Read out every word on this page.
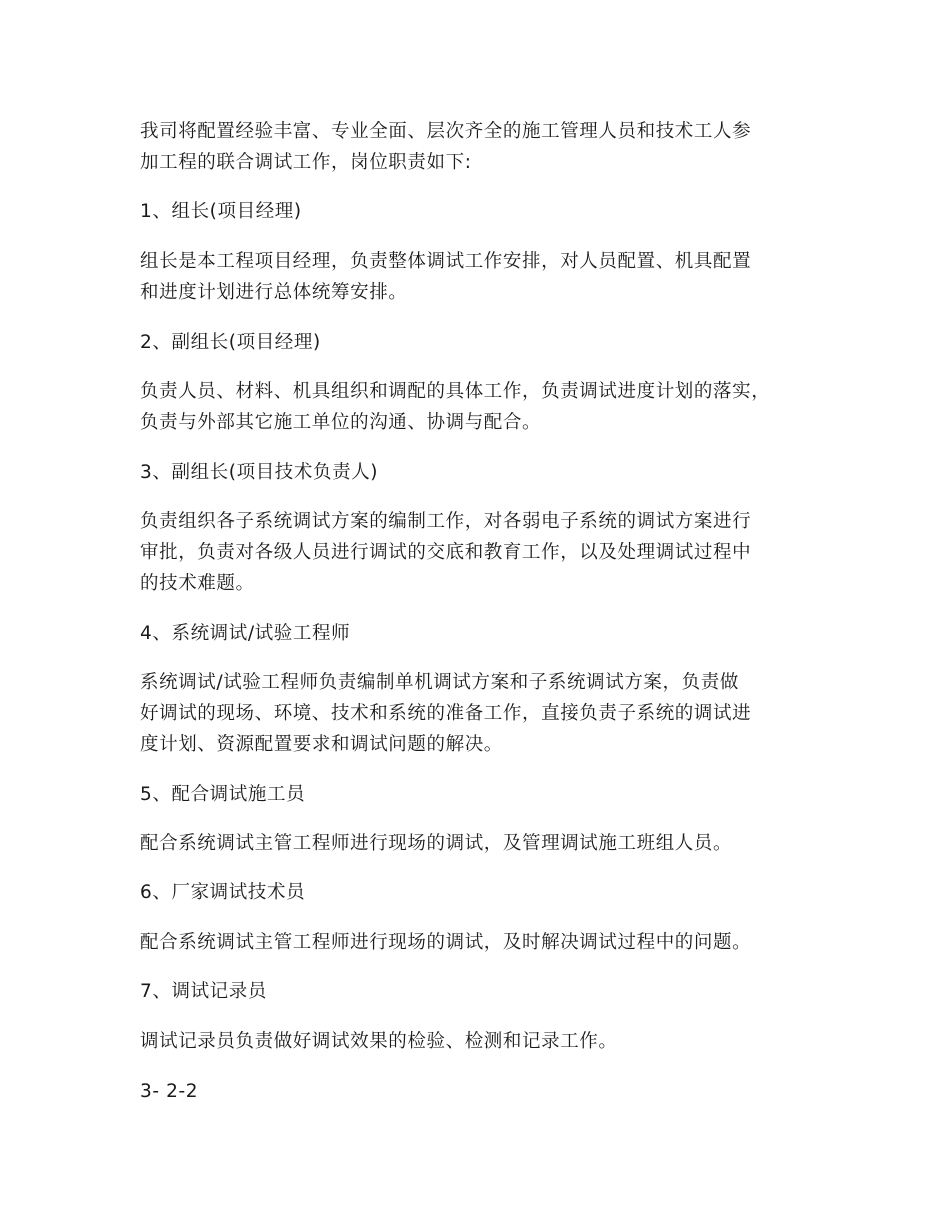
我司将配置经验丰富、专业全面、层次齐全的施工管理人员和技术工人参
加工程的联合调试工作，岗位职责如下:
1、组长(项目经理)
组长是本工程项目经理，负责整体调试工作安排，对人员配置、机具配置
和进度计划进行总体统筹安排。
2、副组长(项目经理)
负责人员、材料、机具组织和调配的具体工作，负责调试进度计划的落实，
负责与外部其它施工单位的沟通、协调与配合。
3、副组长(项目技术负责人)
负责组织各子系统调试方案的编制工作，对各弱电子系统的调试方案进行
审批，负责对各级人员进行调试的交底和教育工作，以及处理调试过程中
的技术难题。
4、系统调试/试验工程师
系统调试/试验工程师负责编制单机调试方案和子系统调试方案，负责做
好调试的现场、环境、技术和系统的准备工作，直接负责子系统的调试进
度计划、资源配置要求和调试问题的解决。
5、配合调试施工员
配合系统调试主管工程师进行现场的调试，及管理调试施工班组人员。
6、厂家调试技术员
配合系统调试主管工程师进行现场的调试，及时解决调试过程中的问题。
7、调试记录员
调试记录员负责做好调试效果的检验、检测和记录工作。
3- 2-2
